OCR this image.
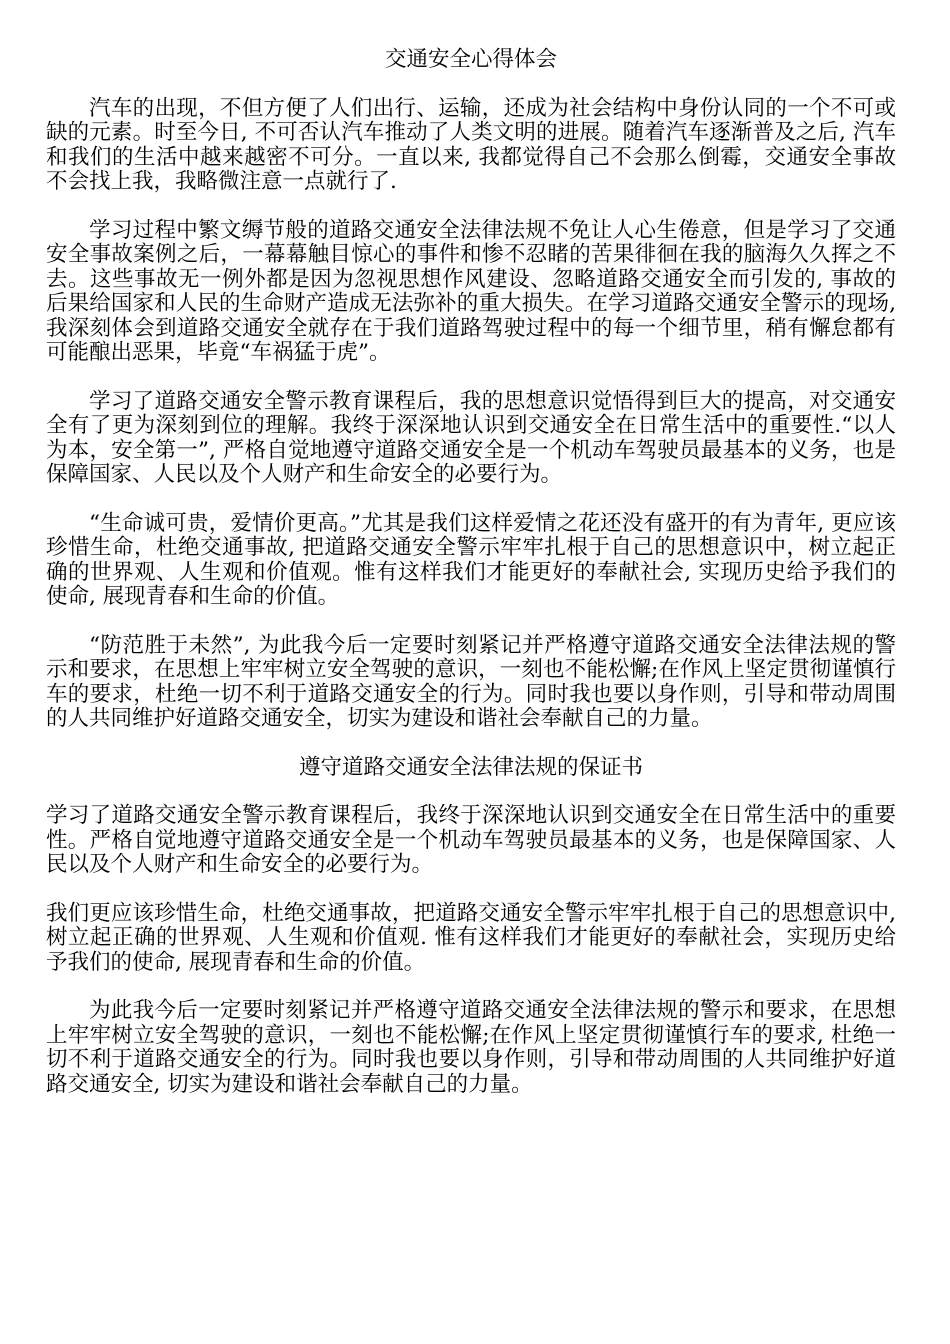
交通安全心得体会

汽车的出现，不但方便了人们出行、运输，还成为社会结构中身份认同的一个不可或缺的元素。时至今日, 不可否认汽车推动了人类文明的进展。随着汽车逐渐普及之后, 汽车和我们的生活中越来越密不可分。一直以来, 我都觉得自己不会那么倒霉，交通安全事故不会找上我，我略微注意一点就行了.

学习过程中繁文缛节般的道路交通安全法律法规不免让人心生倦意，但是学习了交通安全事故案例之后，一幕幕触目惊心的事件和惨不忍睹的苦果徘徊在我的脑海久久挥之不去。这些事故无一例外都是因为忽视思想作风建设、忽略道路交通安全而引发的, 事故的后果给国家和人民的生命财产造成无法弥补的重大损失。在学习道路交通安全警示的现场, 我深刻体会到道路交通安全就存在于我们道路驾驶过程中的每一个细节里，稍有懈怠都有可能酿出恶果，毕竟“车祸猛于虎”。

学习了道路交通安全警示教育课程后，我的思想意识觉悟得到巨大的提高，对交通安全有了更为深刻到位的理解。我终于深深地认识到交通安全在日常生活中的重要性.“以人为本，安全第一”, 严格自觉地遵守道路交通安全是一个机动车驾驶员最基本的义务，也是保障国家、人民以及个人财产和生命安全的必要行为。

“生命诚可贵，爱情价更高。”尤其是我们这样爱情之花还没有盛开的有为青年, 更应该珍惜生命，杜绝交通事故, 把道路交通安全警示牢牢扎根于自己的思想意识中，树立起正确的世界观、人生观和价值观。惟有这样我们才能更好的奉献社会, 实现历史给予我们的使命, 展现青春和生命的价值。

“防范胜于未然”, 为此我今后一定要时刻紧记并严格遵守道路交通安全法律法规的警示和要求，在思想上牢牢树立安全驾驶的意识，一刻也不能松懈;在作风上坚定贯彻谨慎行车的要求，杜绝一切不利于道路交通安全的行为。同时我也要以身作则，引导和带动周围的人共同维护好道路交通安全，切实为建设和谐社会奉献自己的力量。

遵守道路交通安全法律法规的保证书

学习了道路交通安全警示教育课程后，我终于深深地认识到交通安全在日常生活中的重要性。严格自觉地遵守道路交通安全是一个机动车驾驶员最基本的义务，也是保障国家、人民以及个人财产和生命安全的必要行为。

我们更应该珍惜生命，杜绝交通事故，把道路交通安全警示牢牢扎根于自己的思想意识中, 树立起正确的世界观、人生观和价值观. 惟有这样我们才能更好的奉献社会，实现历史给予我们的使命, 展现青春和生命的价值。

为此我今后一定要时刻紧记并严格遵守道路交通安全法律法规的警示和要求，在思想上牢牢树立安全驾驶的意识，一刻也不能松懈;在作风上坚定贯彻谨慎行车的要求, 杜绝一切不利于道路交通安全的行为。同时我也要以身作则，引导和带动周围的人共同维护好道路交通安全, 切实为建设和谐社会奉献自己的力量。
